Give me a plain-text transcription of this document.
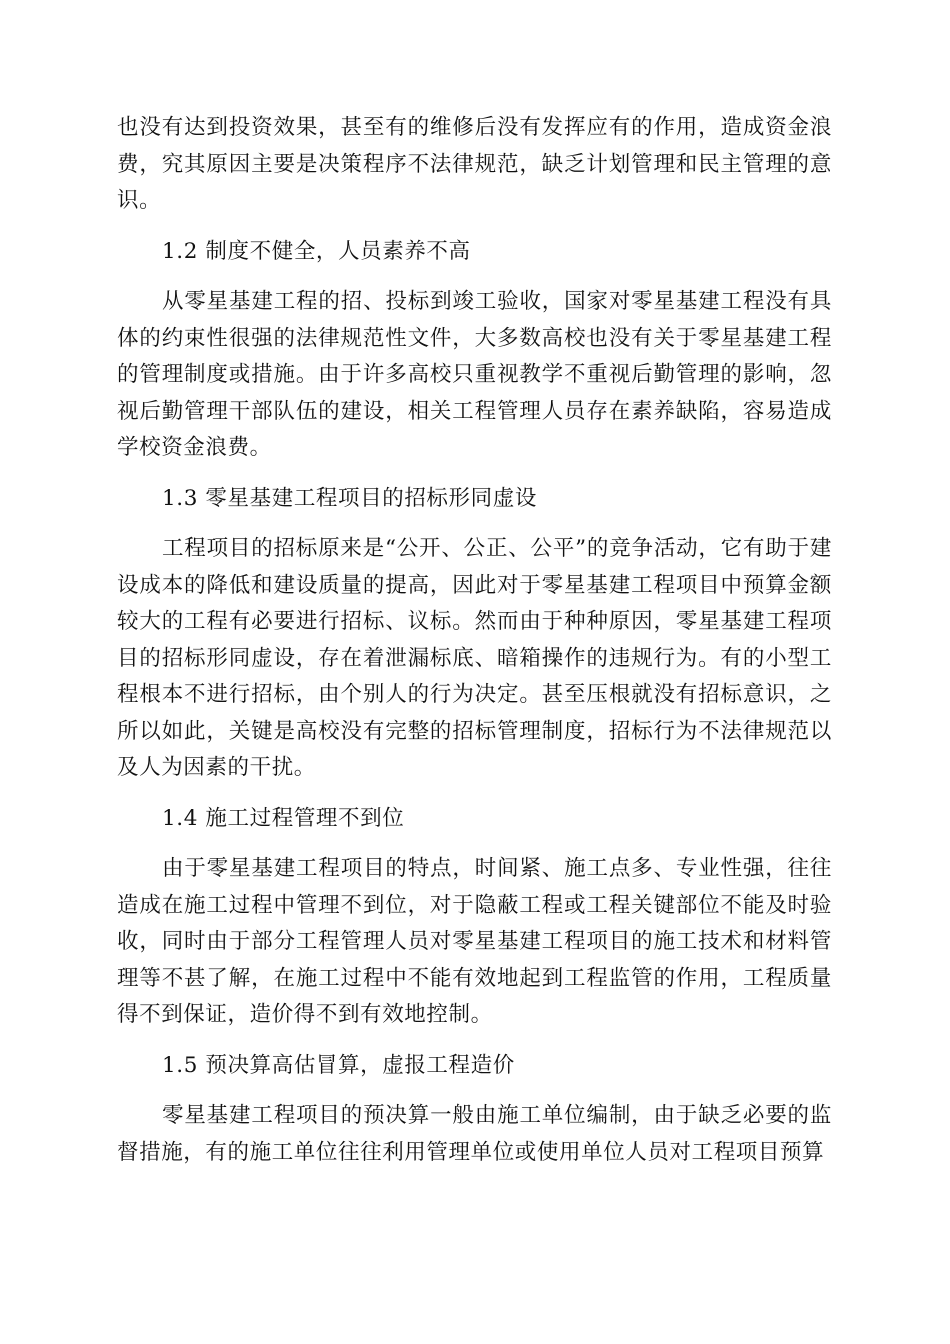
也没有达到投资效果，甚至有的维修后没有发挥应有的作用，造成资金浪费，究其原因主要是决策程序不法律规范，缺乏计划管理和民主管理的意识。

1.2 制度不健全，人员素养不高

从零星基建工程的招、投标到竣工验收，国家对零星基建工程没有具体的约束性很强的法律规范性文件，大多数高校也没有关于零星基建工程的管理制度或措施。由于许多高校只重视教学不重视后勤管理的影响，忽视后勤管理干部队伍的建设，相关工程管理人员存在素养缺陷，容易造成学校资金浪费。

1.3 零星基建工程项目的招标形同虚设

工程项目的招标原来是“公开、公正、公平”的竞争活动，它有助于建设成本的降低和建设质量的提高，因此对于零星基建工程项目中预算金额较大的工程有必要进行招标、议标。然而由于种种原因，零星基建工程项目的招标形同虚设，存在着泄漏标底、暗箱操作的违规行为。有的小型工程根本不进行招标，由个别人的行为决定。甚至压根就没有招标意识，之所以如此，关键是高校没有完整的招标管理制度，招标行为不法律规范以及人为因素的干扰。

1.4 施工过程管理不到位

由于零星基建工程项目的特点，时间紧、施工点多、专业性强，往往造成在施工过程中管理不到位，对于隐蔽工程或工程关键部位不能及时验收，同时由于部分工程管理人员对零星基建工程项目的施工技术和材料管理等不甚了解，在施工过程中不能有效地起到工程监管的作用，工程质量得不到保证，造价得不到有效地控制。

1.5 预决算高估冒算，虚报工程造价

零星基建工程项目的预决算一般由施工单位编制，由于缺乏必要的监督措施，有的施工单位往往利用管理单位或使用单位人员对工程项目预算
